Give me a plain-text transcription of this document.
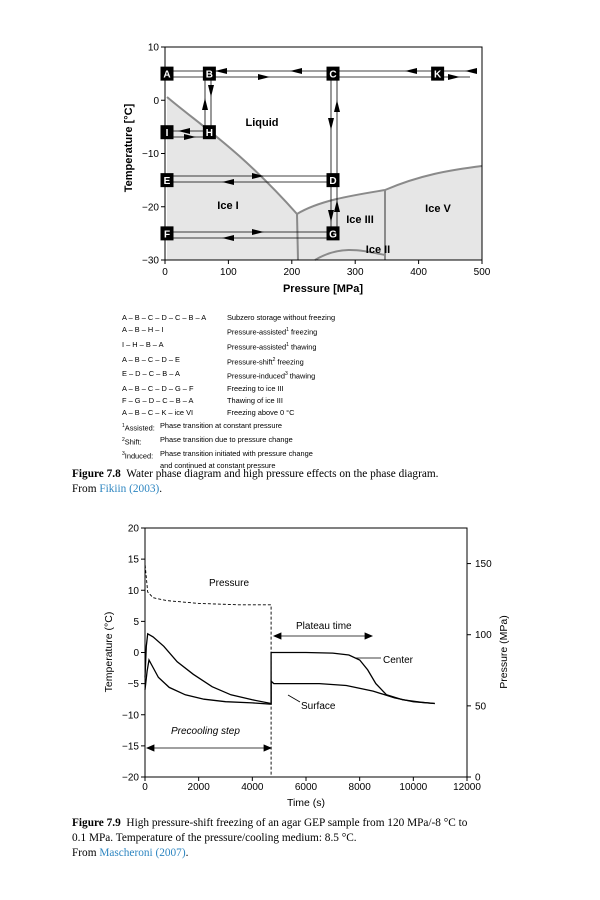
A	B	C	K
I	H
E	D
F	G
Liquid
Ice I
Ice III
Ice V
Ice II
0	100	200	300	400	500
10
0
−10
−20
−30
Pressure [MPa]
Temperature [°C]
A – B – C – D – C – B – A	Subzero storage without freezing
A – B – H – I	Pressure-assisted$^1$ freezing
I – H – B – A	Pressure-assisted$^1$ thawing
A – B – C – D – E	Pressure-shift$^2$ freezing
E – D – C – B – A	Pressure-induced$^3$ thawing
A – B – C – D – G – F	Freezing to ice III
F – G – D – C – B – A	Thawing of ice III
A – B – C – K – ice VI	Freezing above 0 °C
$^1$Assisted: Phase transition at constant pressure
$^2$Shift:	Phase transition due to pressure change
$^3$Induced: Phase transition initiated with pressure change
and continued at constant pressure
Figure 7.8 Water phase diagram and high pressure effects on the phase diagram.
From Fikiin (2003).
0	2000	4000	6000	8000	10000	12000
20
15
10
5
0
−5
−10
−15
−20
150
100
50
0
Pressure
Plateau time
Center
Surface
Precooling step
Time (s)
Temperature (°C)	Pressure (MPa)
Figure 7.9 High pressure-shift freezing of an agar GEP sample from 120 MPa/-8 °C to
0.1 MPa. Temperature of the pressure/cooling medium: 8.5 °C.
From Mascheroni (2007).
